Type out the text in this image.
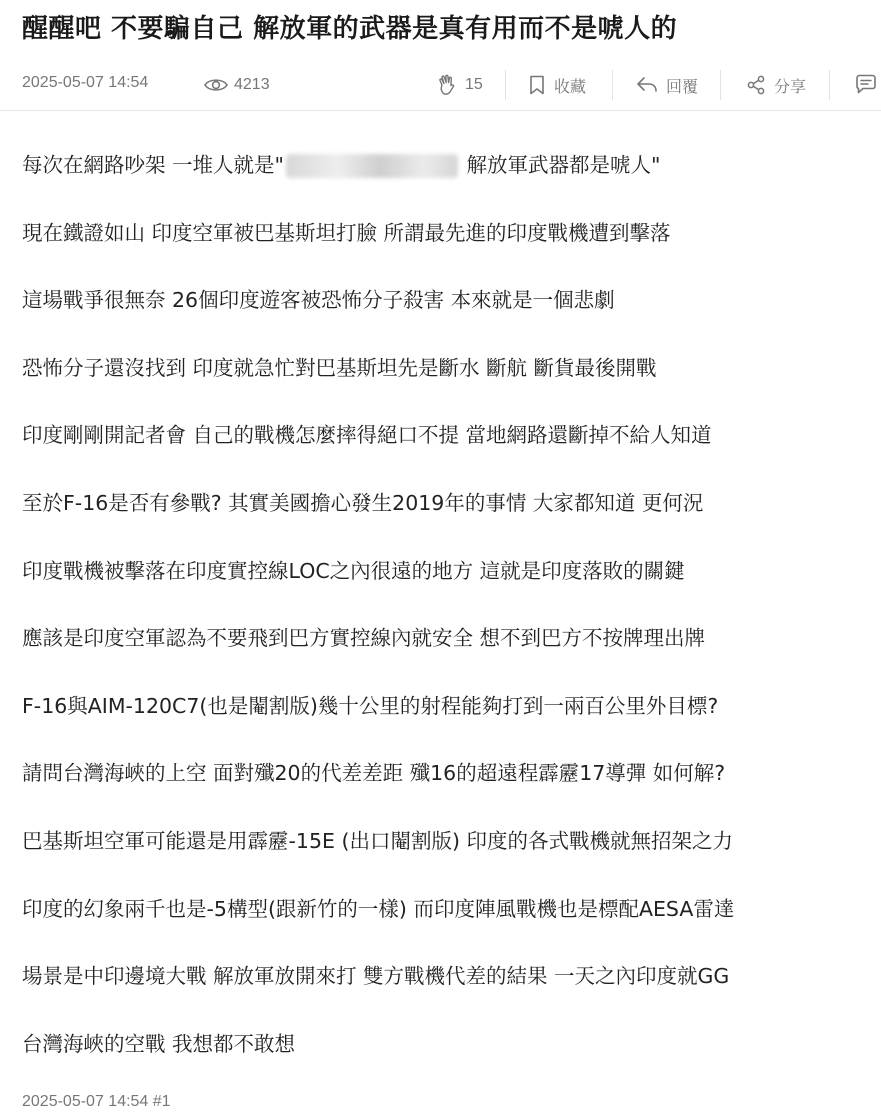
醒醒吧 不要騙自己 解放軍的武器是真有用而不是唬人的
2025-05-07 14:54	4213	15	收藏	回覆	分享
每次在網路吵架 一堆人就是"	解放軍武器都是唬人"
現在鐵證如山 印度空軍被巴基斯坦打臉 所謂最先進的印度戰機遭到擊落
這場戰爭很無奈 26個印度遊客被恐怖分子殺害 本來就是一個悲劇
恐怖分子還沒找到 印度就急忙對巴基斯坦先是斷水 斷航 斷貨最後開戰
印度剛剛開記者會 自己的戰機怎麼摔得絕口不提 當地網路還斷掉不給人知道
至於F-16是否有參戰? 其實美國擔心發生2019年的事情 大家都知道 更何況
印度戰機被擊落在印度實控線LOC之內很遠的地方 這就是印度落敗的關鍵
應該是印度空軍認為不要飛到巴方實控線內就安全 想不到巴方不按牌理出牌
F-16與AIM-120C7(也是閹割版)幾十公里的射程能夠打到一兩百公里外目標?
請問台灣海峽的上空 面對殲20的代差差距 殲16的超遠程霹靂17導彈 如何解?
巴基斯坦空軍可能還是用霹靂-15E (出口閹割版) 印度的各式戰機就無招架之力
印度的幻象兩千也是-5構型(跟新竹的一樣) 而印度陣風戰機也是標配AESA雷達
場景是中印邊境大戰 解放軍放開來打 雙方戰機代差的結果 一天之內印度就GG
台灣海峽的空戰 我想都不敢想
2025-05-07 14:54 #1
